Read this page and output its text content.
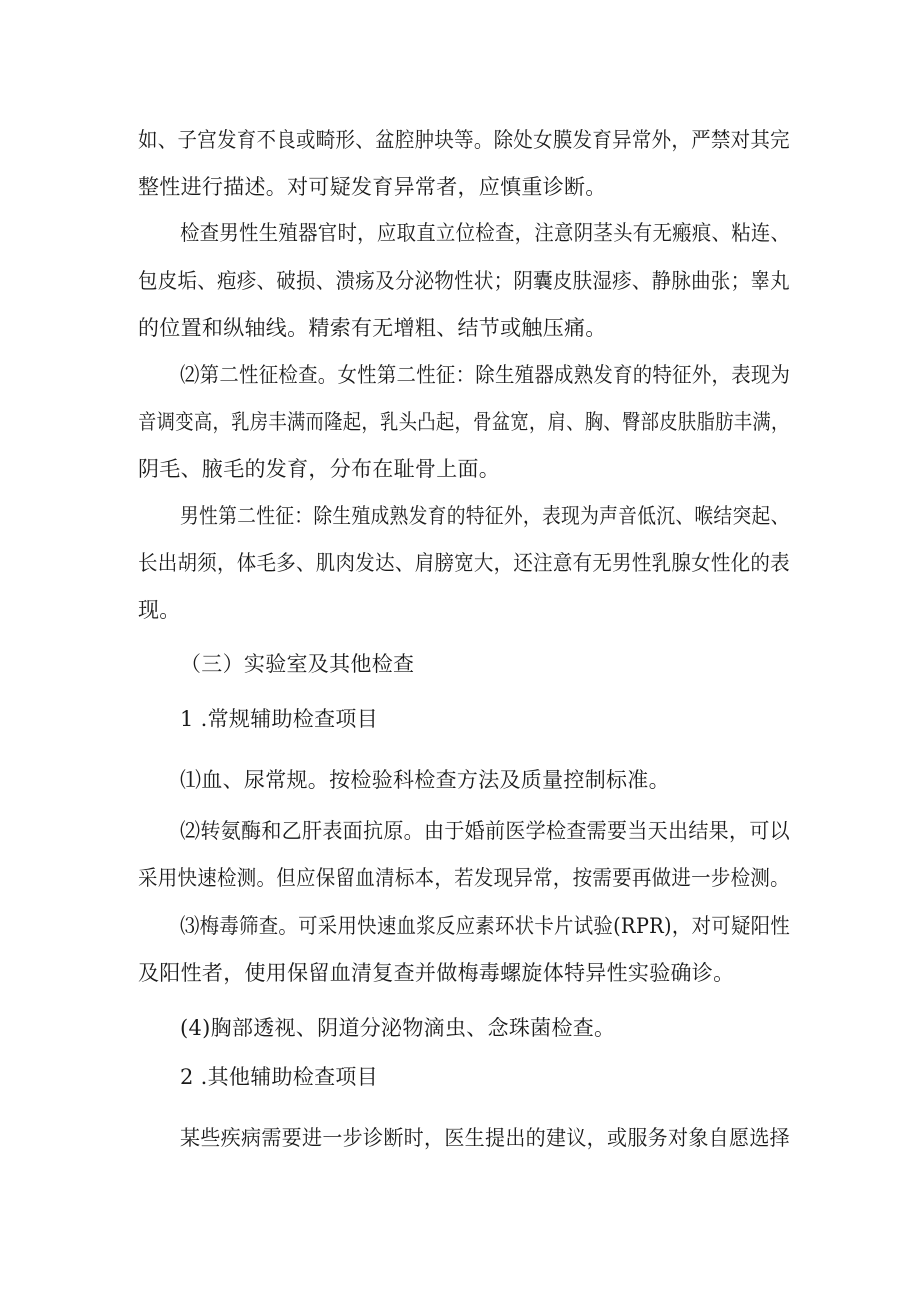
如、子宫发育不良或畸形、盆腔肿块等。除处女膜发育异常外，严禁对其完
整性进行描述。对可疑发育异常者，应慎重诊断。
检查男性生殖器官时，应取直立位检查，注意阴茎头有无瘢痕、粘连、
包皮垢、疱疹、破损、溃疡及分泌物性状；阴囊皮肤湿疹、静脉曲张；睾丸
的位置和纵轴线。精索有无增粗、结节或触压痛。
⑵第二性征检查。女性第二性征：除生殖器成熟发育的特征外，表现为
音调变高，乳房丰满而隆起，乳头凸起，骨盆宽，肩、胸、臀部皮肤脂肪丰满，
阴毛、腋毛的发育，分布在耻骨上面。
男性第二性征：除生殖成熟发育的特征外，表现为声音低沉、喉结突起、
长出胡须，体毛多、肌肉发达、肩膀宽大，还注意有无男性乳腺女性化的表
现。
（三）实验室及其他检查
1 .常规辅助检查项目
⑴血、尿常规。按检验科检查方法及质量控制标准。
⑵转氨酶和乙肝表面抗原。由于婚前医学检查需要当天出结果，可以
采用快速检测。但应保留血清标本，若发现异常，按需要再做进一步检测。
⑶梅毒筛查。可采用快速血浆反应素环状卡片试验(RPR)，对可疑阳性
及阳性者，使用保留血清复查并做梅毒螺旋体特异性实验确诊。
(4)胸部透视、阴道分泌物滴虫、念珠菌检查。
2 .其他辅助检查项目
某些疾病需要进一步诊断时，医生提出的建议，或服务对象自愿选择
